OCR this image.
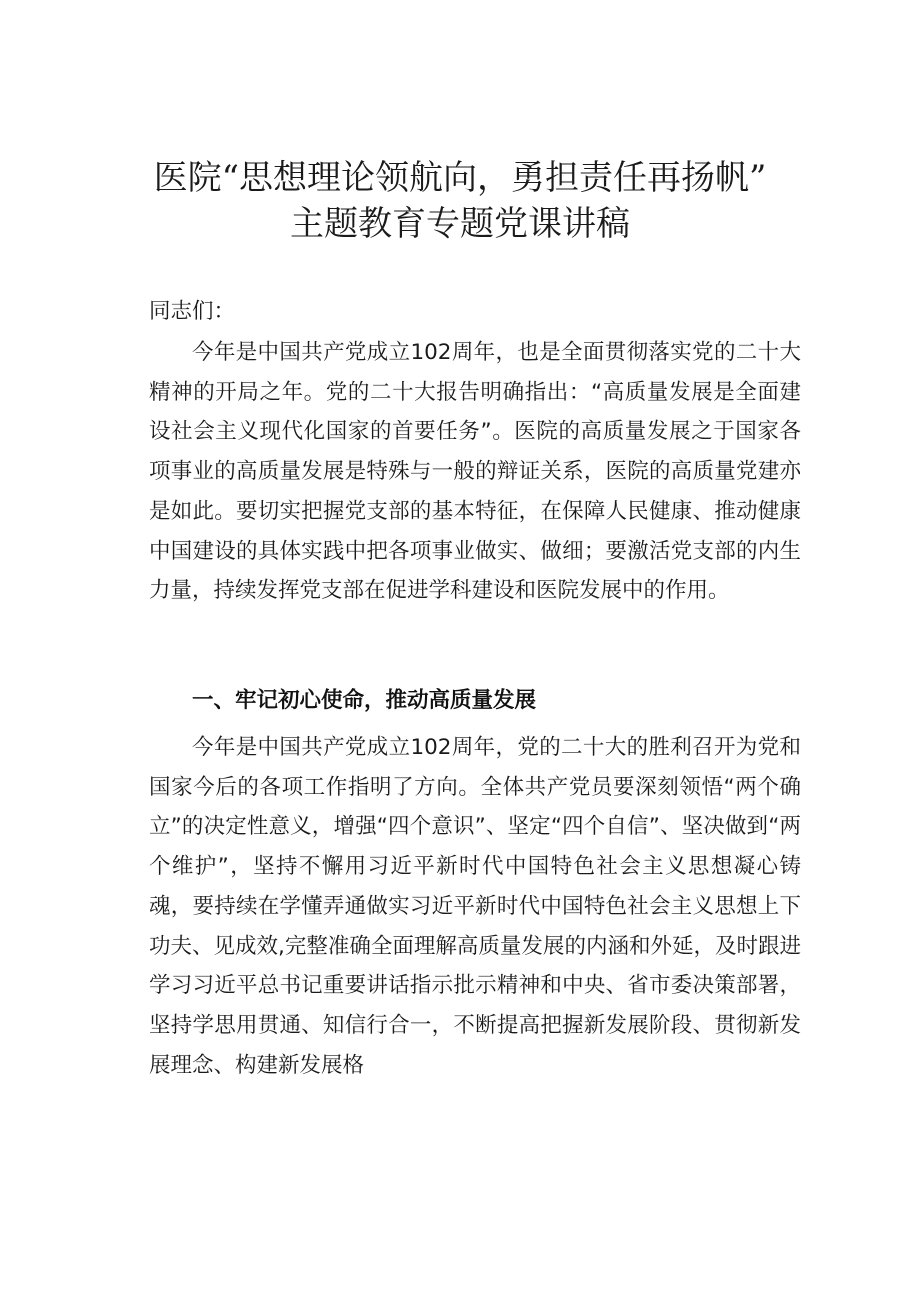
医院“思想理论领航向，勇担责任再扬帆”
主题教育专题党课讲稿

同志们：

今年是中国共产党成立102周年，也是全面贯彻落实党的二十大精神的开局之年。党的二十大报告明确指出：“高质量发展是全面建设社会主义现代化国家的首要任务”。医院的高质量发展之于国家各项事业的高质量发展是特殊与一般的辩证关系，医院的高质量党建亦是如此。要切实把握党支部的基本特征，在保障人民健康、推动健康中国建设的具体实践中把各项事业做实、做细；要激活党支部的内生力量，持续发挥党支部在促进学科建设和医院发展中的作用。

一、牢记初心使命，推动高质量发展

今年是中国共产党成立102周年，党的二十大的胜利召开为党和国家今后的各项工作指明了方向。全体共产党员要深刻领悟“两个确立”的决定性意义，增强“四个意识”、坚定“四个自信”、坚决做到“两个维护”，坚持不懈用习近平新时代中国特色社会主义思想凝心铸魂，要持续在学懂弄通做实习近平新时代中国特色社会主义思想上下功夫、见成效,完整准确全面理解高质量发展的内涵和外延，及时跟进学习习近平总书记重要讲话指示批示精神和中央、省市委决策部署，坚持学思用贯通、知信行合一，不断提高把握新发展阶段、贯彻新发展理念、构建新发展格
